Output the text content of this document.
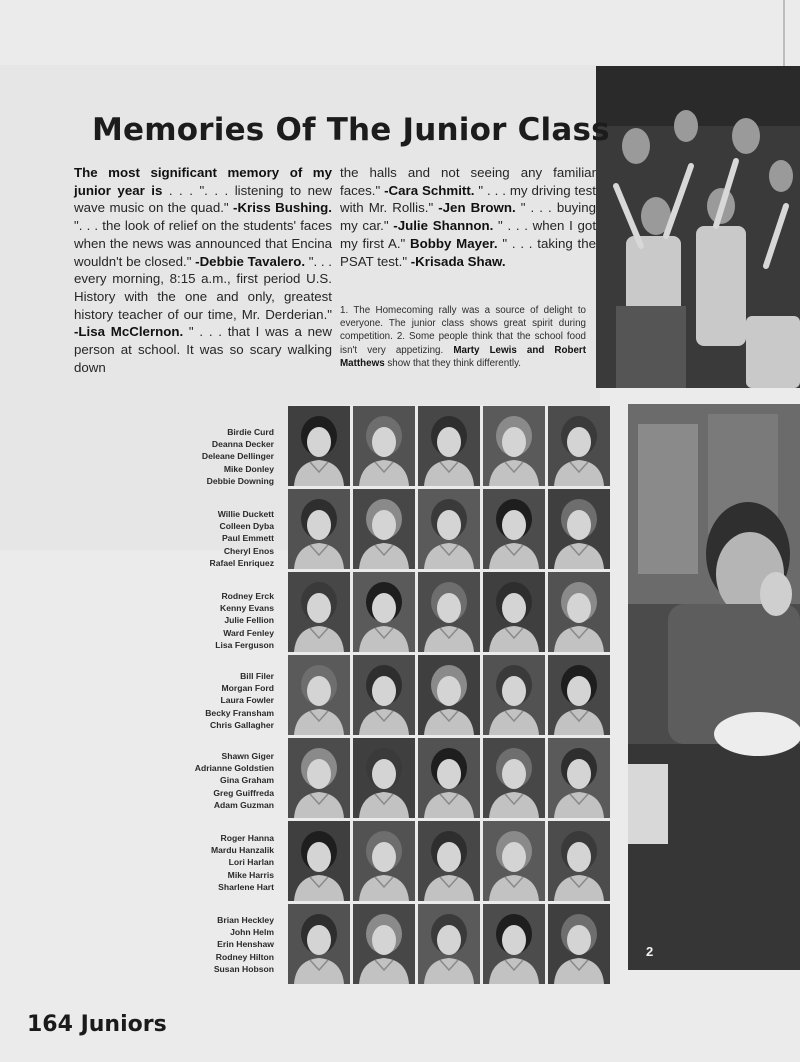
2
Memories Of The Junior Class
The most significant memory of my junior year is . . . ". . . listening to new wave music on the quad." -Kriss Bushing. ". . . the look of relief on the students' faces when the news was announced that Encina wouldn't be closed." -Debbie Tavalero. ". . . every morning, 8:15 a.m., first period U.S. History with the one and only, greatest history teacher of our time, Mr. Derderian." -Lisa McClernon. " . . . that I was a new person at school. It was so scary walking down
the halls and not seeing any familiar faces." -Cara Schmitt. " . . . my driving test with Mr. Rollis." -Jen Brown. " . . . buying my car." -Julie Shannon. " . . . when I got my first A." Bobby Mayer. " . . . taking the PSAT test." -Krisada Shaw.
1. The Homecoming rally was a source of delight to everyone. The junior class shows great spirit during competition. 2. Some people think that the school food isn't very appetizing. Marty Lewis and Robert Matthews show that they think differently.
Birdie Curd
Deanna Decker
Deleane Dellinger
Mike Donley
Debbie Downing
Willie Duckett
Colleen Dyba
Paul Emmett
Cheryl Enos
Rafael Enriquez
Rodney Erck
Kenny Evans
Julie Fellion
Ward Fenley
Lisa Ferguson
Bill Filer
Morgan Ford
Laura Fowler
Becky Fransham
Chris Gallagher
Shawn Giger
Adrianne Goldstien
Gina Graham
Greg Guiffreda
Adam Guzman
Roger Hanna
Mardu Hanzalik
Lori Harlan
Mike Harris
Sharlene Hart
Brian Heckley
John Helm
Erin Henshaw
Rodney Hilton
Susan Hobson
164 Juniors
